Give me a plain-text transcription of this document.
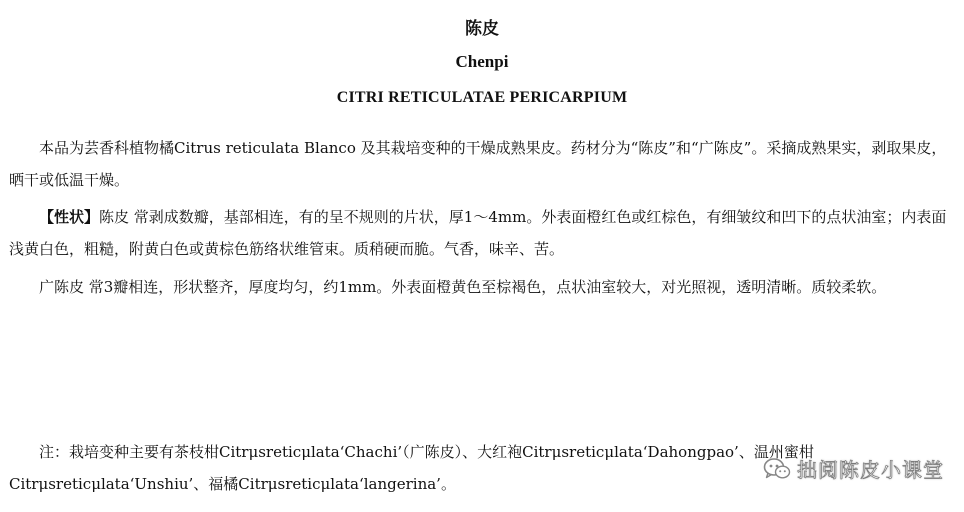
陈皮
Chenpi
CITRI RETICULATAE PERICARPIUM

本品为芸香科植物橘Citrus reticulata Blanco 及其栽培变种的干燥成熟果皮。药材分为“陈皮”和“广陈皮”。采摘成熟果实，剥取果皮，晒干或低温干燥。

【性状】陈皮 常剥成数瓣，基部相连，有的呈不规则的片状，厚1～4mm。外表面橙红色或红棕色，有细皱纹和凹下的点状油室；内表面浅黄白色，粗糙，附黄白色或黄棕色筋络状维管束。质稍硬而脆。气香，味辛、苦。

广陈皮 常3瓣相连，形状整齐，厚度均匀，约1mm。外表面橙黄色至棕褐色，点状油室较大，对光照视，透明清晰。质较柔软。

注：栽培变种主要有茶枝柑Citrμsreticμlata‘Chachi’（广陈皮）、大红袍Citrμsreticμlata‘Dahongpao’、温州蜜柑Citrμsreticμlata‘Unshiu’、福橘Citrμsreticμlata‘langerina’。

拙阅陈皮小课堂
